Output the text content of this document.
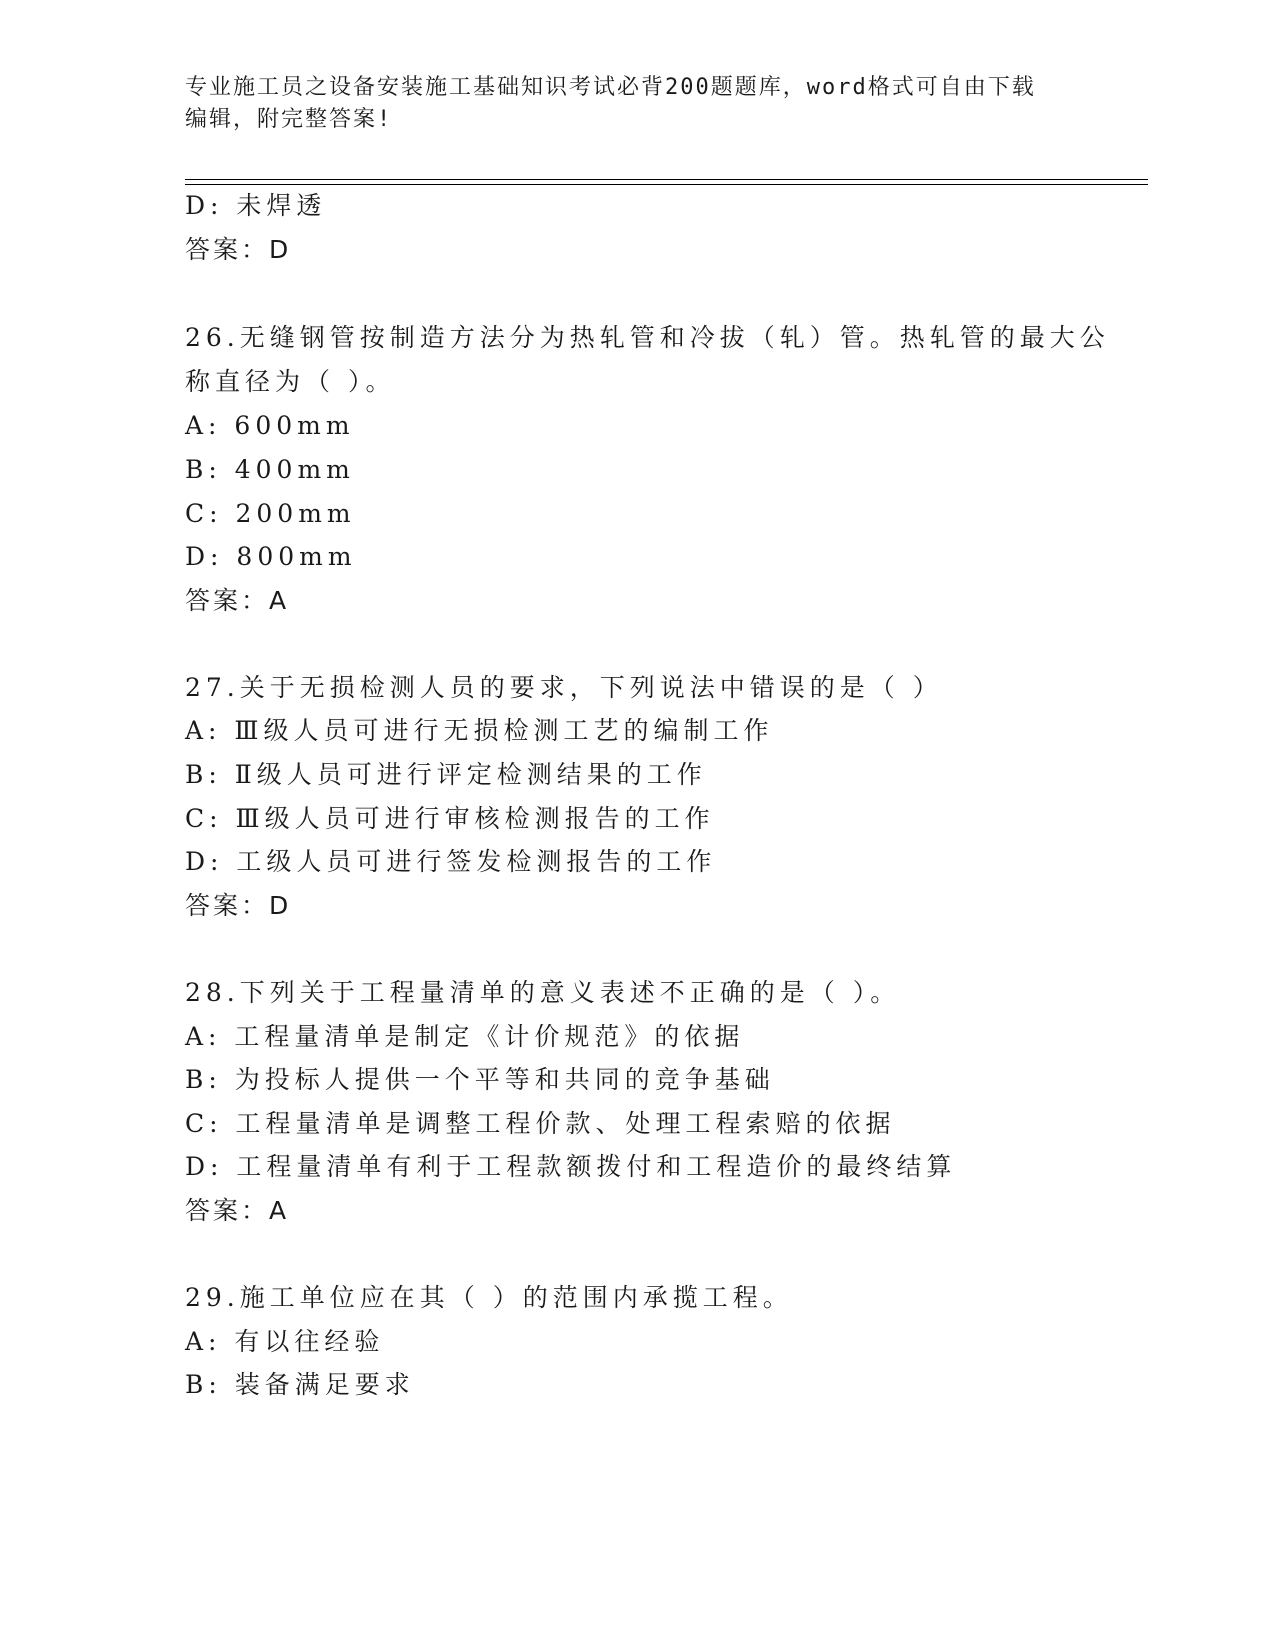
专业施工员之设备安装施工基础知识考试必背200题题库，word格式可自由下载
编辑，附完整答案!
D: 未焊透
答案：D
26.无缝钢管按制造方法分为热轧管和冷拔（轧）管。热轧管的最大公
称直径为（ ）。
A: 600mm
B: 400mm
C: 200mm
D: 800mm
答案：A
27.关于无损检测人员的要求，下列说法中错误的是（ ）
A: Ⅲ级人员可进行无损检测工艺的编制工作
B: Ⅱ级人员可进行评定检测结果的工作
C: Ⅲ级人员可进行审核检测报告的工作
D: 工级人员可进行签发检测报告的工作
答案：D
28.下列关于工程量清单的意义表述不正确的是（ ）。
A: 工程量清单是制定《计价规范》的依据
B: 为投标人提供一个平等和共同的竞争基础
C: 工程量清单是调整工程价款、处理工程索赔的依据
D: 工程量清单有利于工程款额拨付和工程造价的最终结算
答案：A
29.施工单位应在其（ ）的范围内承揽工程。
A: 有以往经验
B: 装备满足要求
